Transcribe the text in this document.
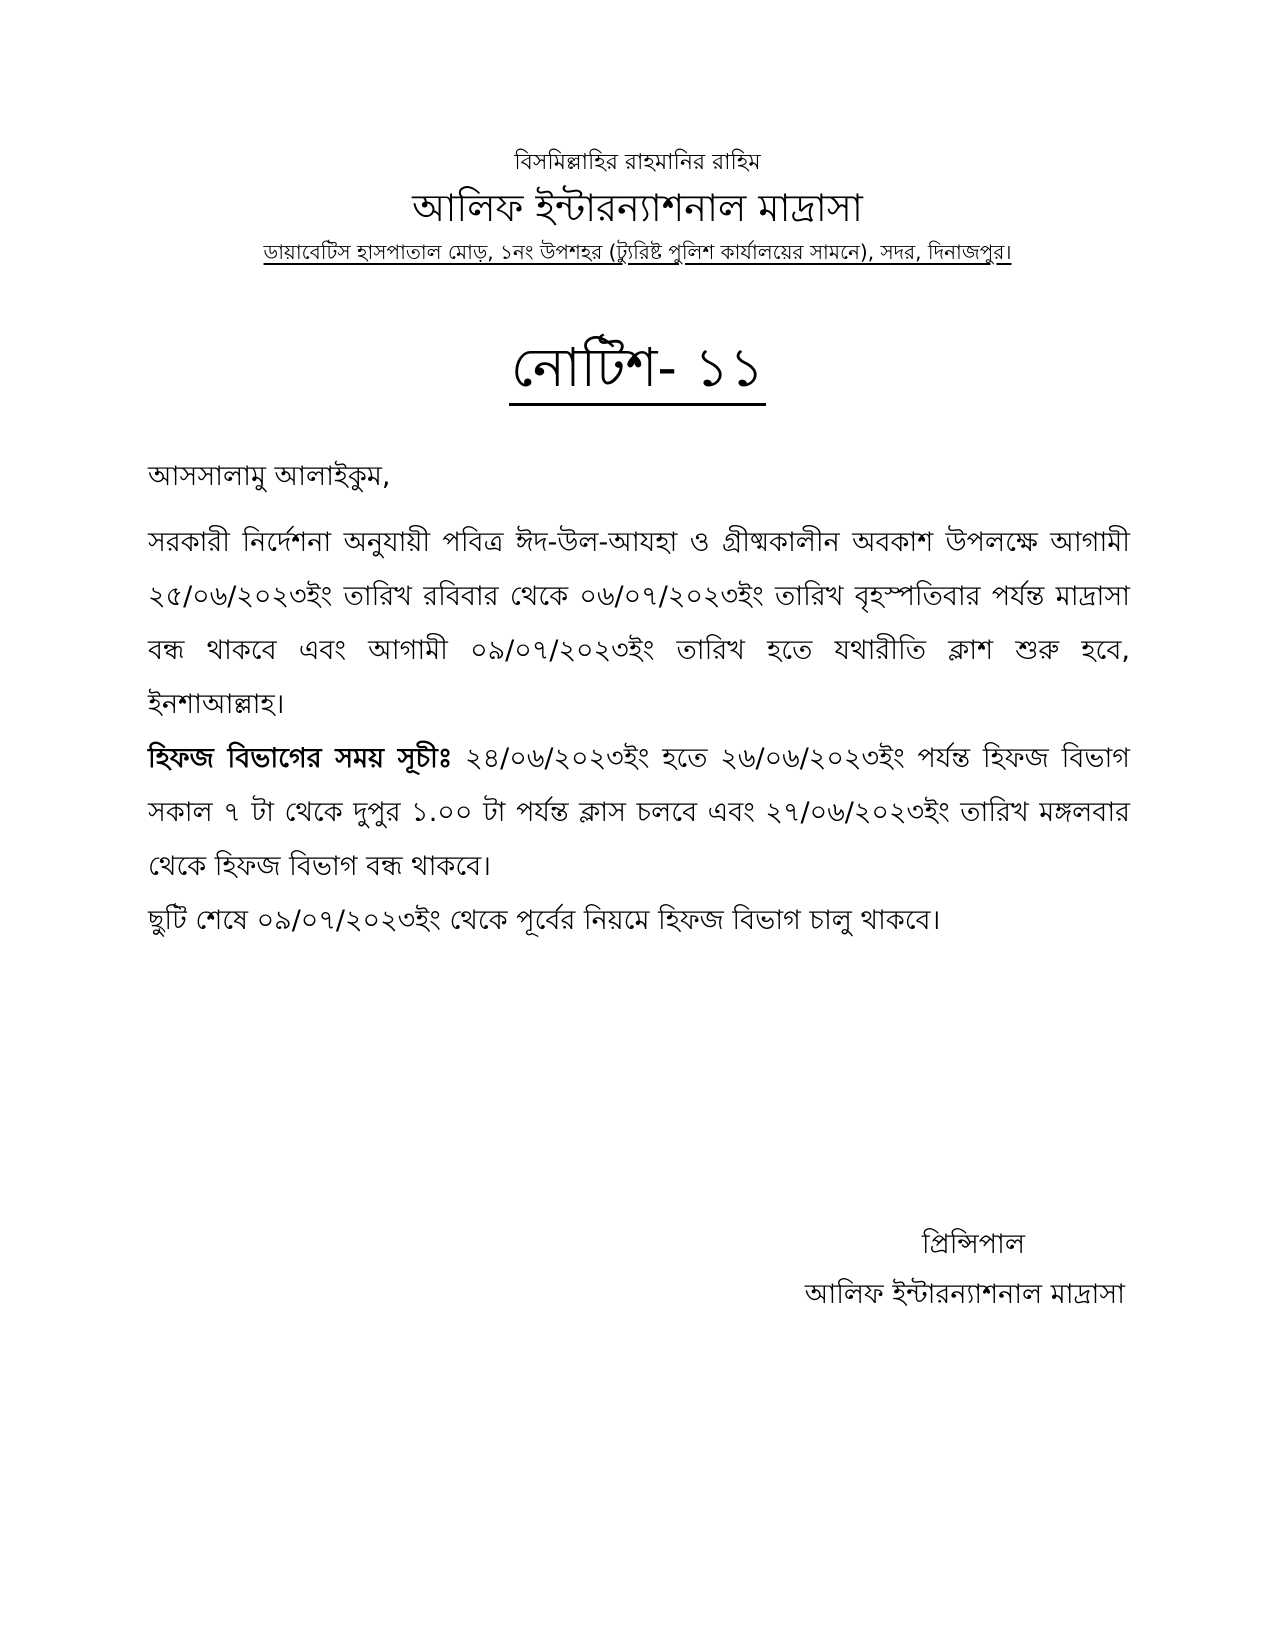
বিসমিল্লাহির রাহমানির রাহিম
আলিফ ইন্টারন্যাশনাল মাদ্রাসা
ডায়াবেটিস হাসপাতাল মোড়, ১নং উপশহর (ট্যুরিষ্ট পুলিশ কার্যালয়ের সামনে), সদর, দিনাজপুর।
নোটিশ- ১১
আসসালামু আলাইকুম,
সরকারী নির্দেশনা অনুযায়ী পবিত্র ঈদ-উল-আযহা ও গ্রীষ্মকালীন অবকাশ উপলক্ষে আগামী ২৫/০৬/২০২৩ইং তারিখ রবিবার থেকে ০৬/০৭/২০২৩ইং তারিখ বৃহস্পতিবার পর্যন্ত মাদ্রাসা বন্ধ থাকবে এবং আগামী ০৯/০৭/২০২৩ইং তারিখ হতে যথারীতি ক্লাশ শুরু হবে, ইনশাআল্লাহ।
হিফজ বিভাগের সময় সূচীঃ ২৪/০৬/২০২৩ইং হতে ২৬/০৬/২০২৩ইং পর্যন্ত হিফজ বিভাগ সকাল ৭ টা থেকে দুপুর ১.০০ টা পর্যন্ত ক্লাস চলবে এবং ২৭/০৬/২০২৩ইং তারিখ মঙ্গলবার থেকে হিফজ বিভাগ বন্ধ থাকবে।
ছুটি শেষে ০৯/০৭/২০২৩ইং থেকে পূর্বের নিয়মে হিফজ বিভাগ চালু থাকবে।
প্রিন্সিপাল
আলিফ ইন্টারন্যাশনাল মাদ্রাসা
